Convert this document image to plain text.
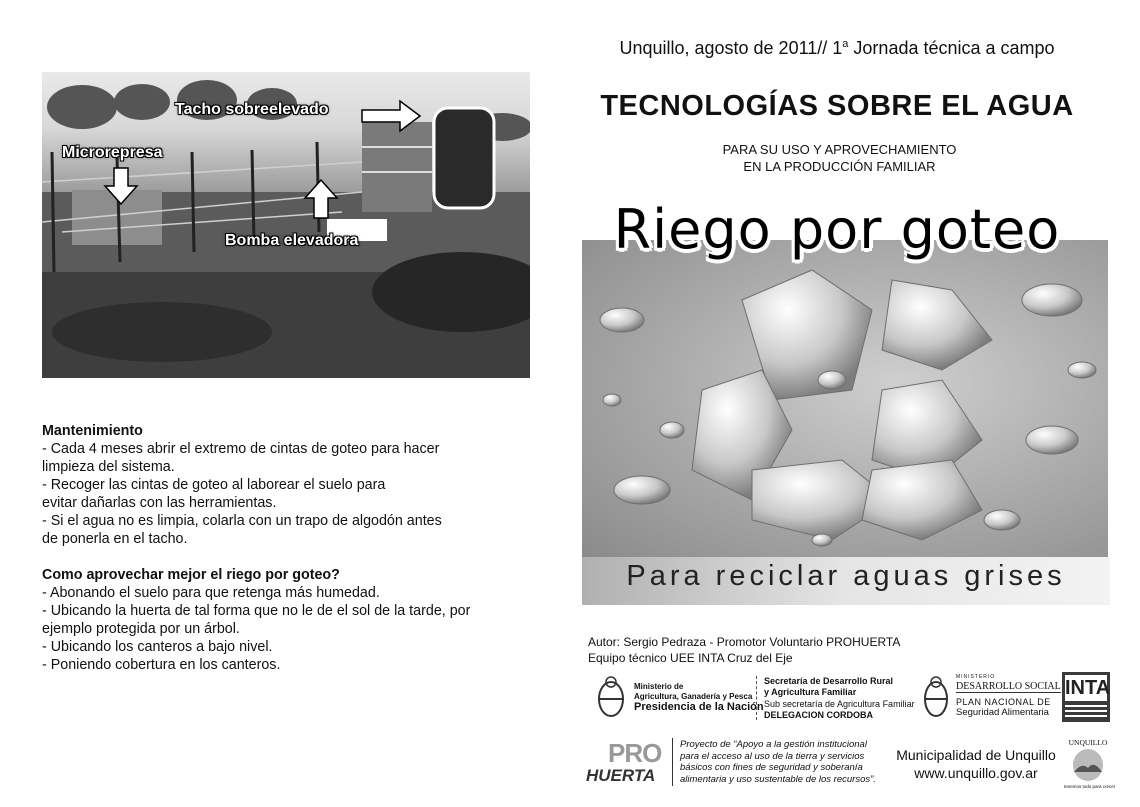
Tacho sobreelevado
Microrepresa
Bomba elevadora

Mantenimiento

- Cada 4 meses abrir el extremo de cintas de goteo para hacer

limpieza del sistema.

- Recoger las cintas de goteo al laborear el suelo para

evitar dañarlas con las herramientas.

- Si el agua no es limpia, colarla con un trapo de algodón antes

de ponerla en el tacho.

Como aprovechar mejor el riego por goteo?

- Abonando el suelo para que retenga más humedad.

- Ubicando la huerta de tal forma que no le de el sol de la tarde, por

ejemplo protegida por un árbol.

- Ubicando los canteros a bajo nivel.

- Poniendo cobertura en los canteros.

Unquillo, agosto de 2011// 1$^a$ Jornada técnica a campo
TECNOLOGÍAS SOBRE EL AGUA
PARA SU USO Y APROVECHAMIENTO
EN LA PRODUCCIÓN FAMILIAR
Riego por goteo
Para reciclar aguas grises
Autor: Sergio Pedraza - Promotor Voluntario PROHUERTA
Equipo técnico UEE INTA Cruz del Eje
Ministerio de
Agricultura, Ganadería y Pesca
Presidencia de la Nación
Secretaría de Desarrollo Rural
y Agricultura Familiar
Sub secretaría de Agricultura Familiar
DELEGACION CORDOBA
MINISTERIO
DESARROLLO SOCIAL
PLAN NACIONAL DE
Seguridad Alimentaria
INTA
PRO
HUERTA
Proyecto de “Apoyo a la gestión institucional
para el acceso al uso de la tierra y servicios
básicos con fines de seguridad y soberanía
alimentaria y uso sustentable de los recursos”.
Municipalidad de Unquillo
www.unquillo.gov.ar
UNQUILLO
tenemos todo para crecer
